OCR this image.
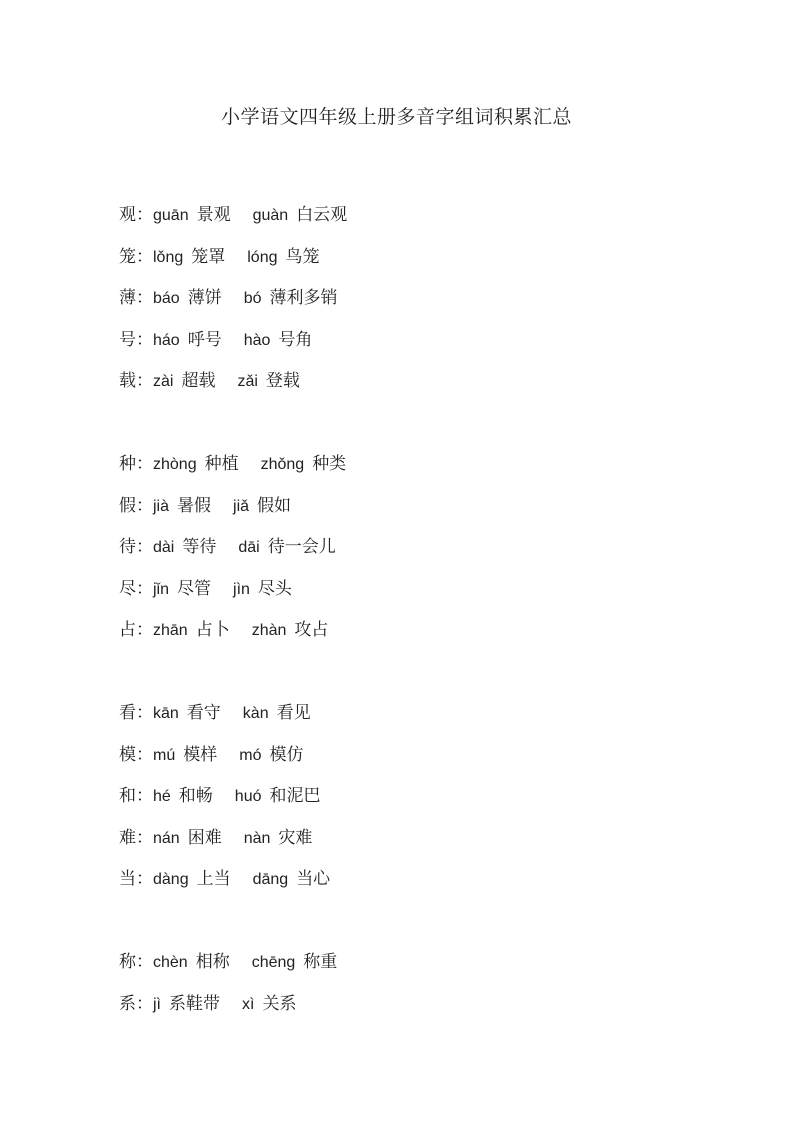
小学语文四年级上册多音字组词积累汇总
观：guān 景观 guàn 白云观
笼：lǒng 笼罩 lóng 鸟笼
薄：báo 薄饼 bó 薄利多销
号：háo 呼号 hào 号角
载：zài 超载 zǎi 登载
种：zhòng 种植 zhǒng 种类
假：jià 暑假 jiǎ 假如
待：dài 等待 dāi 待一会儿
尽：jǐn 尽管 jìn 尽头
占：zhān 占卜 zhàn 攻占
看：kān 看守 kàn 看见
模：mú 模样 mó 模仿
和：hé 和畅 huó 和泥巴
难：nán 困难 nàn 灾难
当：dàng 上当 dāng 当心
称：chèn 相称 chēng 称重
系：jì 系鞋带 xì 关系
